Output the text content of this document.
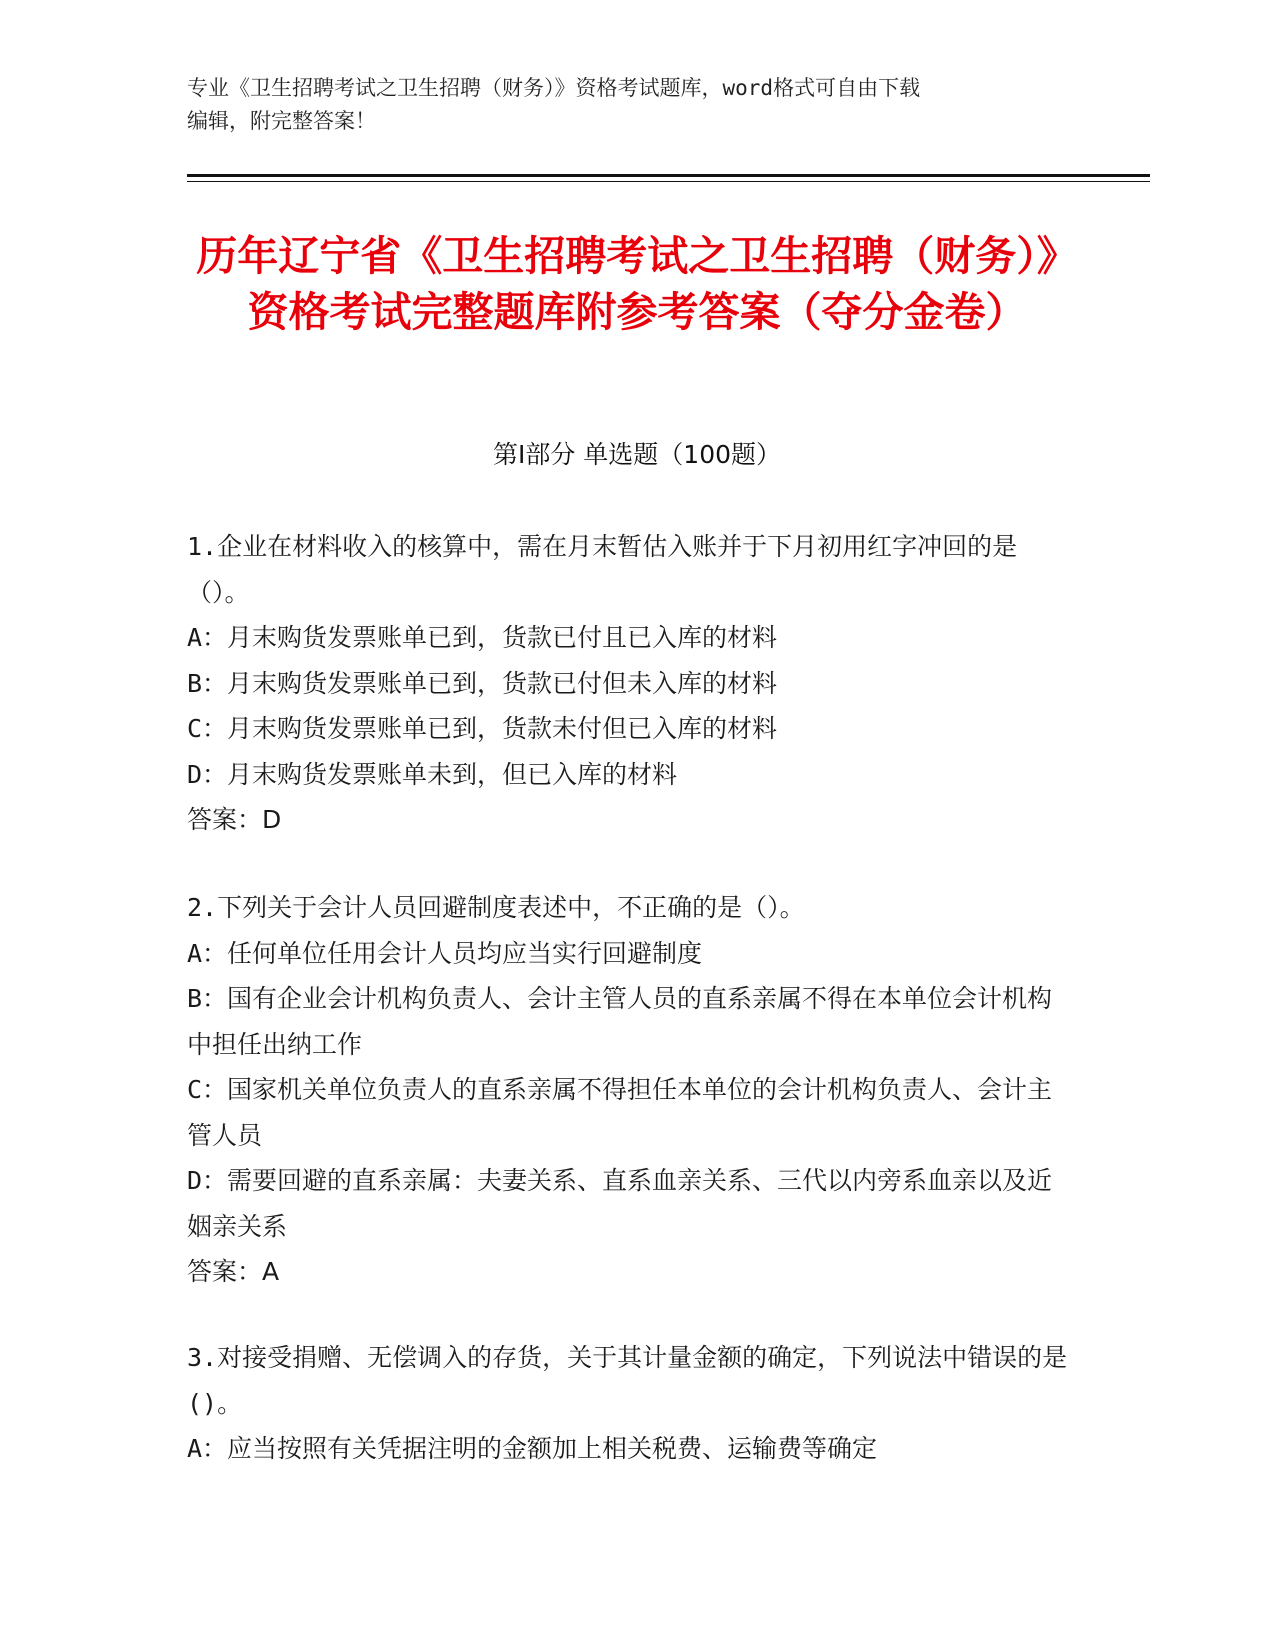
专业《卫生招聘考试之卫生招聘（财务）》资格考试题库，word格式可自由下载
编辑，附完整答案！
历年辽宁省《卫生招聘考试之卫生招聘（财务）》资格考试完整题库附参考答案（夺分金卷）
第Ⅰ部分 单选题（100题）

1.企业在材料收入的核算中，需在月末暂估入账并于下月初用红字冲回的是（）。

A：月末购货发票账单已到，货款已付且已入库的材料

B：月末购货发票账单已到，货款已付但未入库的材料

C：月末购货发票账单已到，货款未付但已入库的材料

D：月末购货发票账单未到，但已入库的材料

答案：D

2.下列关于会计人员回避制度表述中，不正确的是（）。

A：任何单位任用会计人员均应当实行回避制度

B：国有企业会计机构负责人、会计主管人员的直系亲属不得在本单位会计机构中担任出纳工作

C：国家机关单位负责人的直系亲属不得担任本单位的会计机构负责人、会计主管人员

D：需要回避的直系亲属：夫妻关系、直系血亲关系、三代以内旁系血亲以及近姻亲关系

答案：A

3.对接受捐赠、无偿调入的存货，关于其计量金额的确定，下列说法中错误的是()。

A：应当按照有关凭据注明的金额加上相关税费、运输费等确定
